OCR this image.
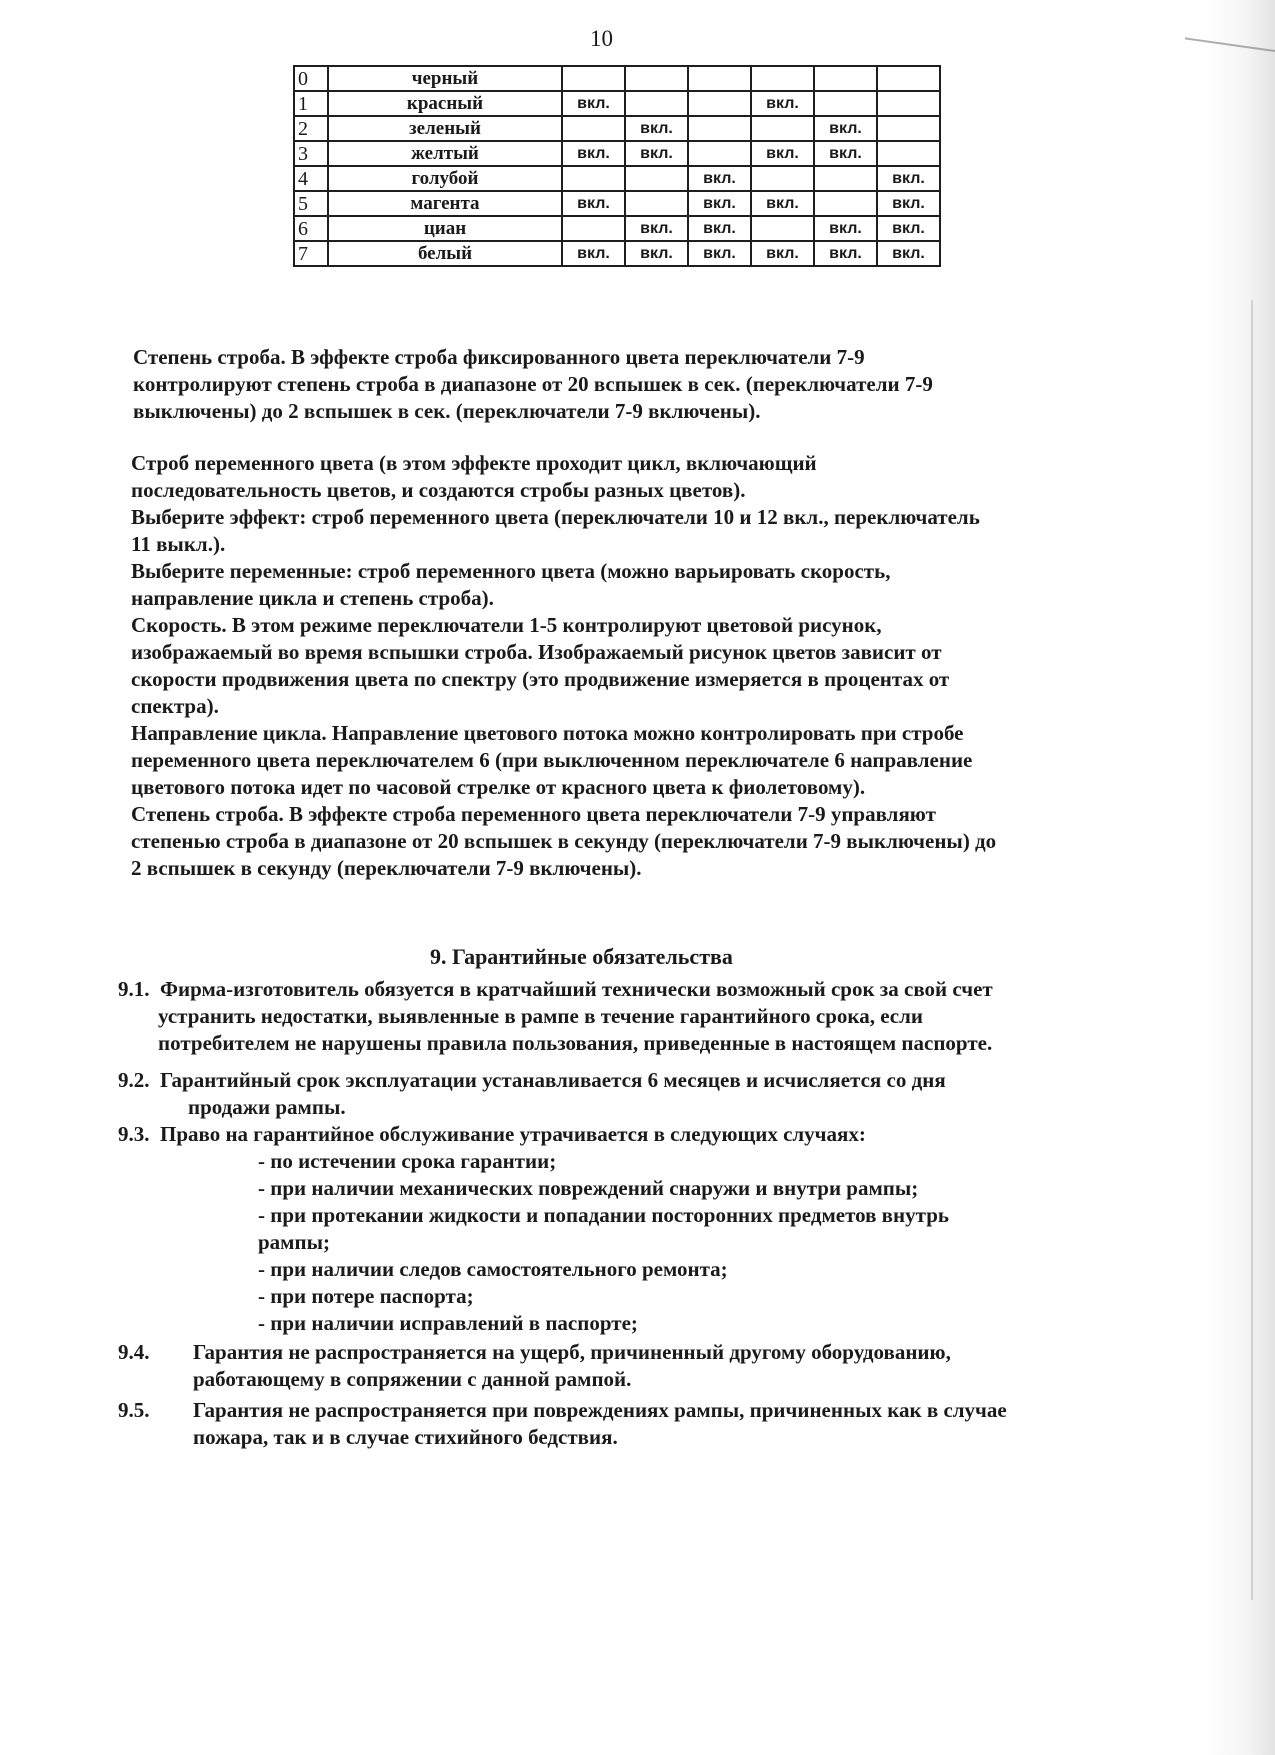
10
0	черный						
1	красный	вкл.			вкл.		
2	зеленый		вкл.			вкл.	
3	желтый	вкл.	вкл.		вкл.	вкл.	
4	голубой			вкл.			вкл.
5	магента	вкл.		вкл.	вкл.		вкл.
6	циан		вкл.	вкл.		вкл.	вкл.
7	белый	вкл.	вкл.	вкл.	вкл.	вкл.	вкл.
Степень строба. В эффекте строба фиксированного цвета переключатели 7-9
контролируют степень строба в диапазоне от 20 вспышек в сек. (переключатели 7-9
выключены) до 2 вспышек в сек. (переключатели 7-9 включены).
Строб переменного цвета (в этом эффекте проходит цикл, включающий
последовательность цветов, и создаются стробы разных цветов).
Выберите эффект: строб переменного цвета (переключатели 10 и 12 вкл., переключатель
11 выкл.).
Выберите переменные: строб переменного цвета (можно варьировать скорость,
направление цикла и степень строба).
Скорость. В этом режиме переключатели 1-5 контролируют цветовой рисунок,
изображаемый во время вспышки строба. Изображаемый рисунок цветов зависит от
скорости продвижения цвета по спектру (это продвижение измеряется в процентах от
спектра).
Направление цикла. Направление цветового потока можно контролировать при стробе
переменного цвета переключателем 6 (при выключенном переключателе 6 направление
цветового потока идет по часовой стрелке от красного цвета к фиолетовому).
Степень строба. В эффекте строба переменного цвета переключатели 7-9 управляют
степенью строба в диапазоне от 20 вспышек в секунду (переключатели 7-9 выключены) до
2 вспышек в секунду (переключатели 7-9 включены).
9. Гарантийные обязательства
9.1. Фирма-изготовитель обязуется в кратчайший технически возможный срок за свой счет
устранить недостатки, выявленные в рампе в течение гарантийного срока, если
потребителем не нарушены правила пользования, приведенные в настоящем паспорте.
9.2. Гарантийный срок эксплуатации устанавливается 6 месяцев и исчисляется со дня
продажи рампы.
9.3. Право на гарантийное обслуживание утрачивается в следующих случаях:
- по истечении срока гарантии;
- при наличии механических повреждений снаружи и внутри рампы;
- при протекании жидкости и попадании посторонних предметов внутрь
рампы;
- при наличии следов самостоятельного ремонта;
- при потере паспорта;
- при наличии исправлений в паспорте;
9.4.	Гарантия не распространяется на ущерб, причиненный другому оборудованию,
работающему в сопряжении с данной рампой.
9.5.	Гарантия не распространяется при повреждениях рампы, причиненных как в случае
пожара, так и в случае стихийного бедствия.
